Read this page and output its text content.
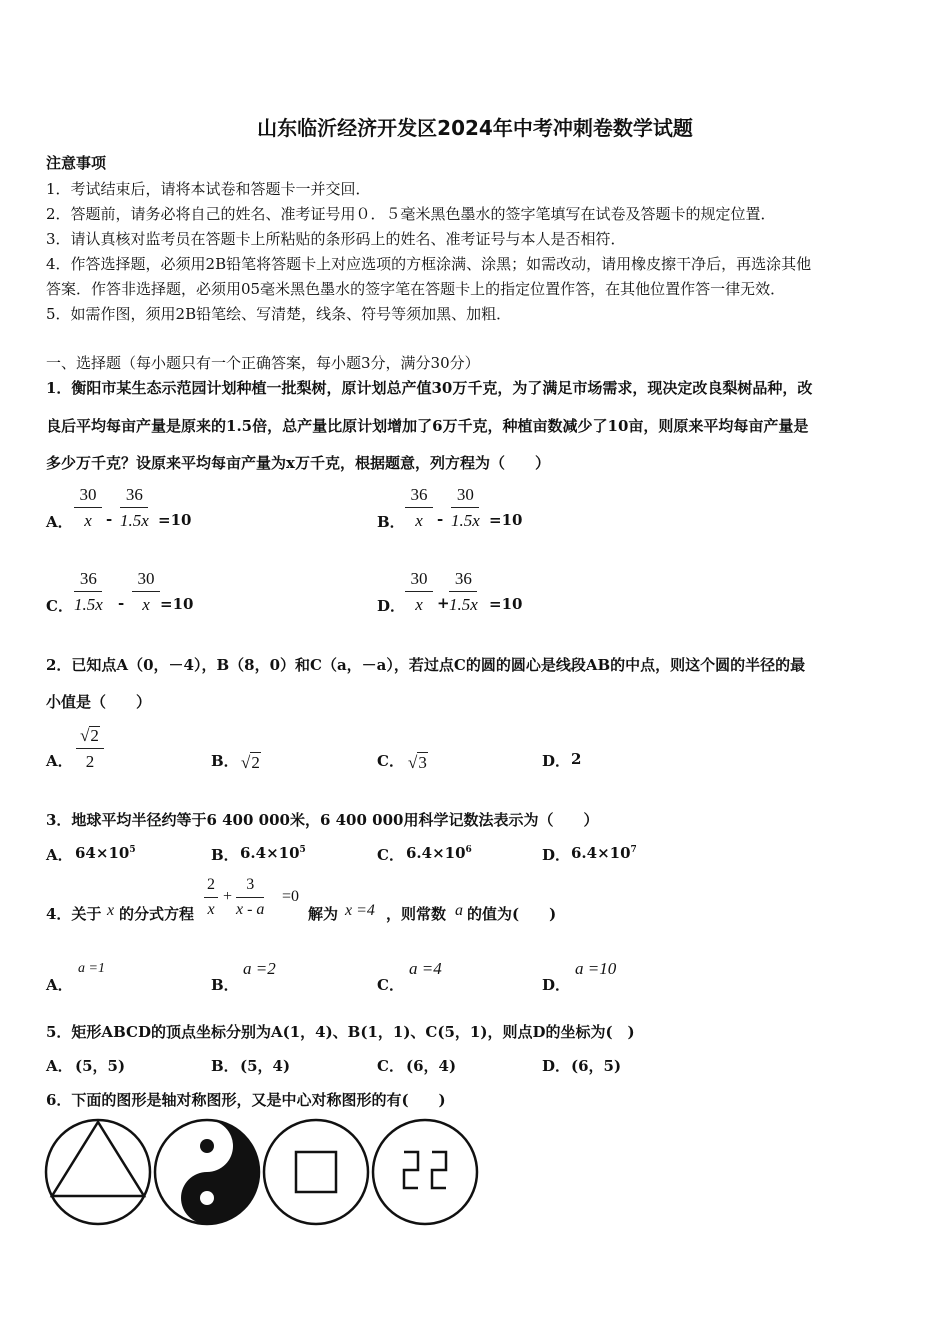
山东临沂经济开发区2024年中考冲刺卷数学试题
注意事项
1．考试结束后，请将本试卷和答题卡一并交回．
2．答题前，请务必将自己的姓名、准考证号用０．５毫米黑色墨水的签字笔填写在试卷及答题卡的规定位置．
3．请认真核对监考员在答题卡上所粘贴的条形码上的姓名、准考证号与本人是否相符．
4．作答选择题，必须用2B铅笔将答题卡上对应选项的方框涂满、涂黑；如需改动，请用橡皮擦干净后，再选涂其他
答案．作答非选择题，必须用05毫米黑色墨水的签字笔在答题卡上的指定位置作答，在其他位置作答一律无效．
5．如需作图，须用2B铅笔绘、写清楚，线条、符号等须加黑、加粗．
一、选择题（每小题只有一个正确答案，每小题3分，满分30分）
1．衡阳市某生态示范园计划种植一批梨树，原计划总产值30万千克，为了满足市场需求，现决定改良梨树品种，改
良后平均每亩产量是原来的1.5倍，总产量比原计划增加了6万千克，种植亩数减少了10亩，则原来平均每亩产量是
多少万千克？设原来平均每亩产量为x万千克，根据题意，列方程为（　　）
A． $\frac{30}{x} - \frac{36}{1.5x} =10$	B． $\frac{36}{x} - \frac{30}{1.5x} =10$
C． $\frac{36}{1.5x} - \frac{30}{x} =10$	D． $\frac{30}{x} + \frac{36}{1.5x} =10$
2．已知点A（0，－4），B（8，0）和C（a，－a），若过点C的圆的圆心是线段AB的中点，则这个圆的半径的最
小值是（　　）
A． $\frac{√2}{2}$	B． √2	C． √3	D． 2
3．地球平均半径约等于6 400 000米，6 400 000用科学记数法表示为（　　）
A． $64\times 10^5$	B． $6.4\times 10^5$	C． $6.4\times 10^6$	D． $6.4\times 10^7$
4．关于 x 的分式方程 $\frac{2}{x} + \frac{3}{x - a} =0$
解为 x =4 ，则常数 a 的值为(　　)
A．
a =1
B．
a =2
C．
a =4
D．
a =10
5．矩形ABCD的顶点坐标分别为A(1，4)、B(1，1)、C(5，1)，则点D的坐标为(　)
A． (5，5)	B． (5，4)	C． (6，4)	D． (6，5)
6．下面的图形是轴对称图形，又是中心对称图形的有(　　)
